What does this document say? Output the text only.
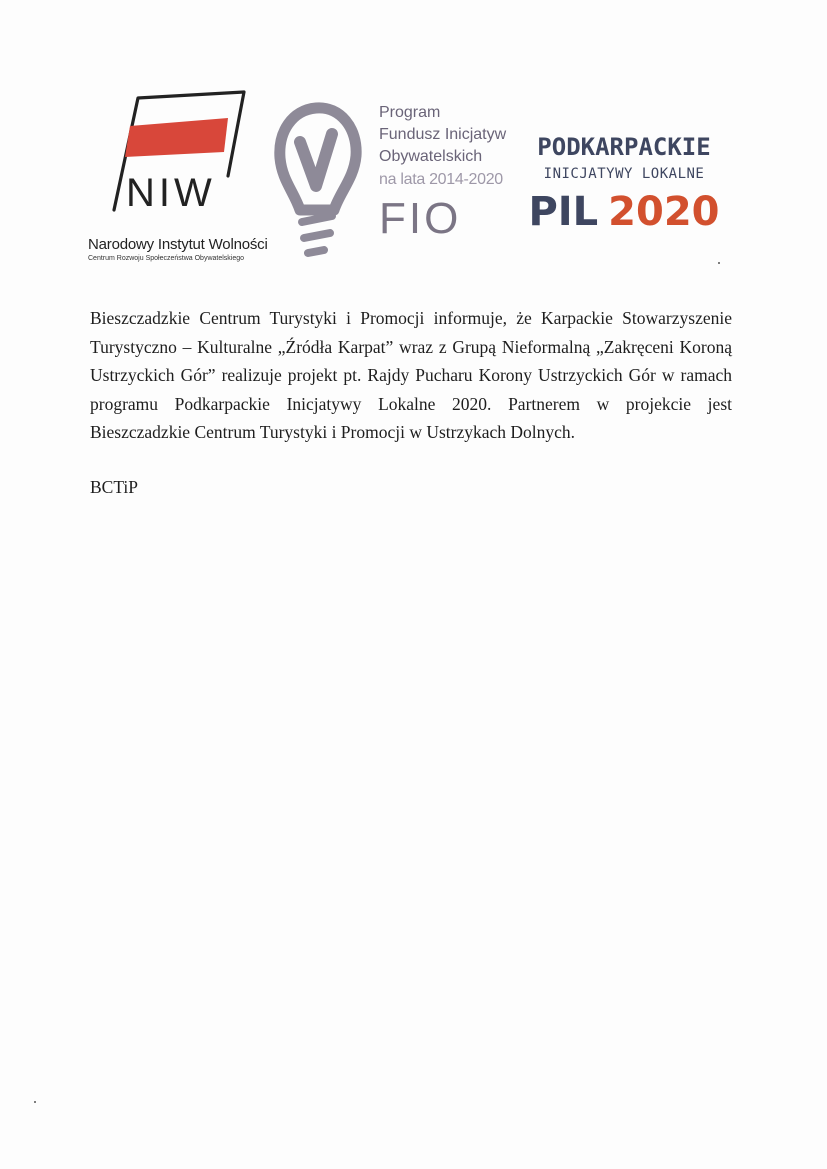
NIW
Narodowy Instytut Wolności
Centrum Rozwoju Społeczeństwa Obywatelskiego
Program
Fundusz Inicjatyw
Obywatelskich
na lata 2014-2020
FIO
PODKARPACKIE
INICJATYWY LOKALNE
PIL 2020

Bieszczadzkie Centrum Turystyki i Promocji informuje, że Karpackie Stowarzyszenie Turystyczno – Kulturalne „Źródła Karpat” wraz z Grupą Nieformalną „Zakręceni Koroną Ustrzyckich Gór” realizuje projekt pt. Rajdy Pucharu Korony Ustrzyckich Gór w ramach programu Podkarpackie Inicjatywy Lokalne 2020. Partnerem w projekcie jest Bieszczadzkie Centrum Turystyki i Promocji w Ustrzykach Dolnych.

BCTiP
